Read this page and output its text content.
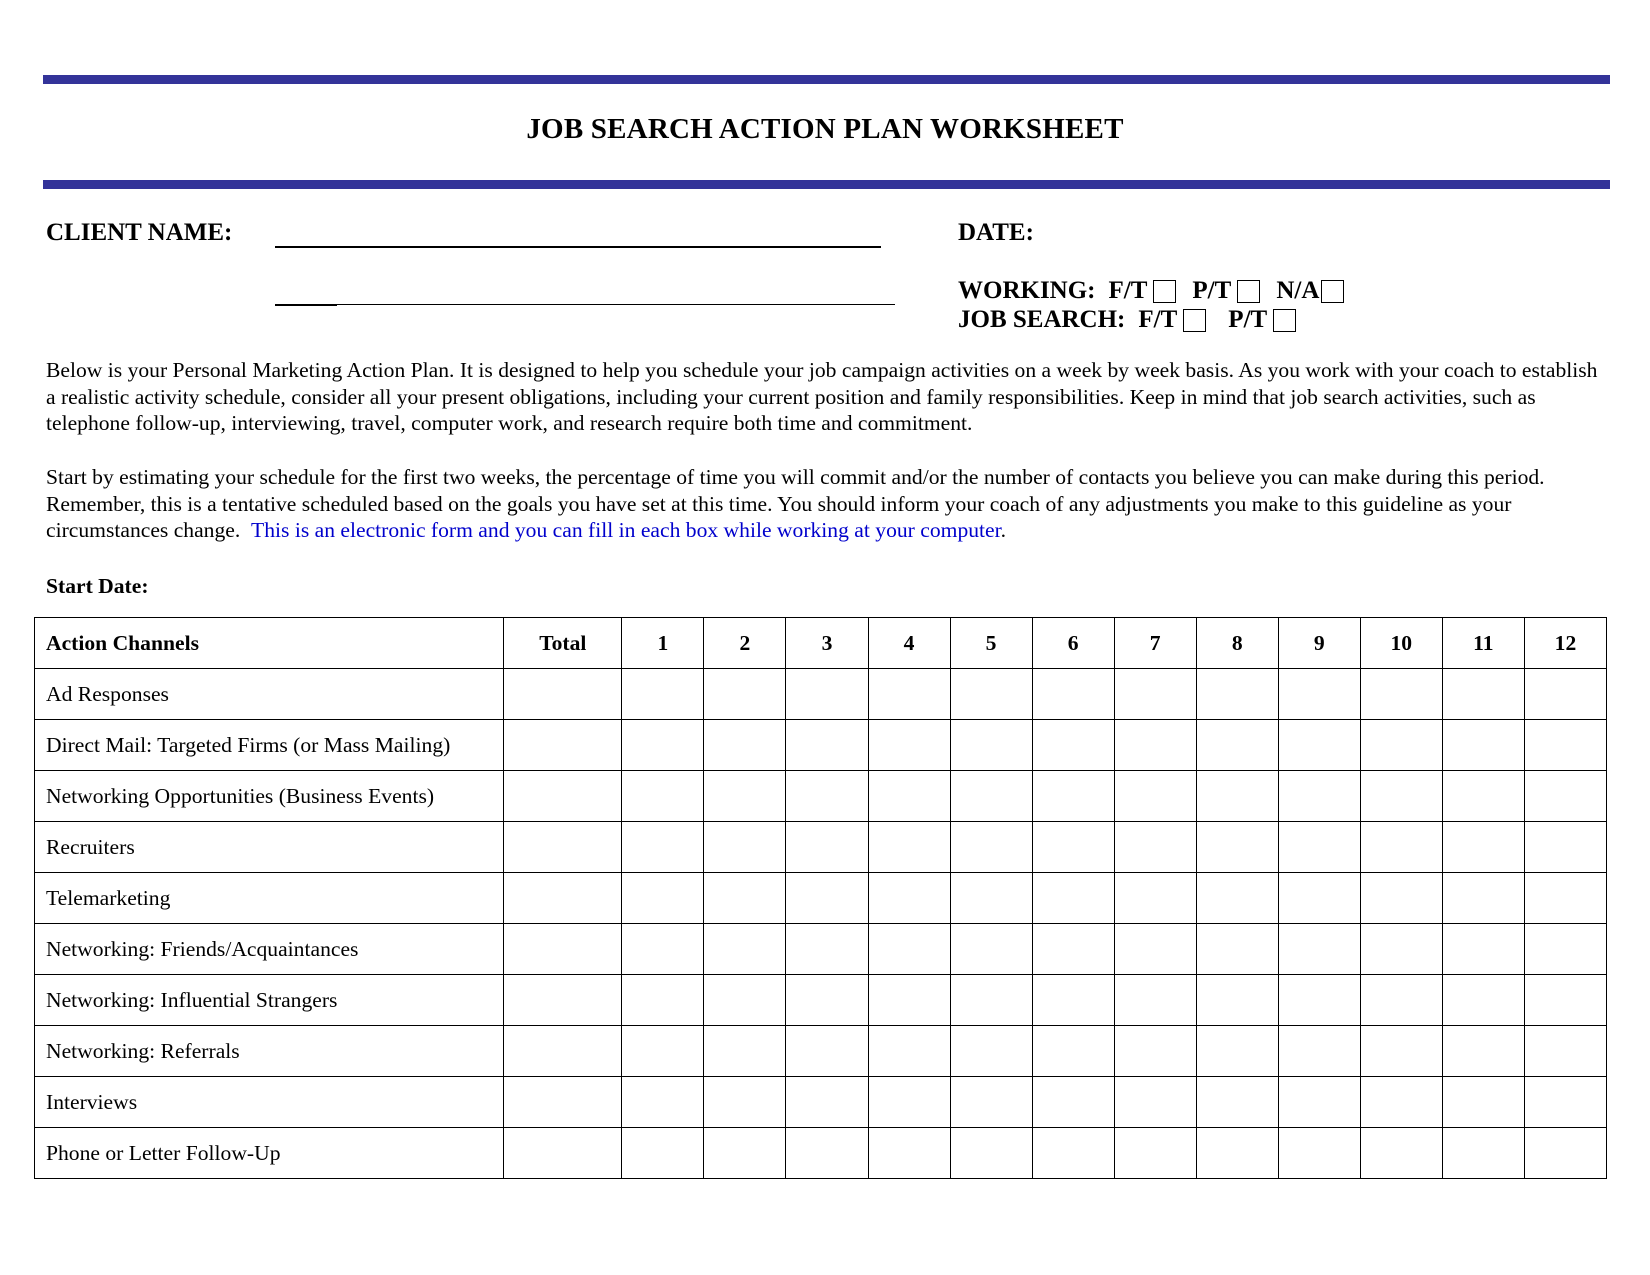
JOB SEARCH ACTION PLAN WORKSHEET
CLIENT NAME:	DATE:
WORKING: F/T P/T N/A
JOB SEARCH: F/T P/T
Below is your Personal Marketing Action Plan. It is designed to help you schedule your job campaign activities on a week by week basis. As you work with your coach to establish a realistic activity schedule, consider all your present obligations, including your current position and family responsibilities. Keep in mind that job search activities, such as telephone follow-up, interviewing, travel, computer work, and research require both time and commitment.
Start by estimating your schedule for the first two weeks, the percentage of time you will commit and/or the number of contacts you believe you can make during this period. Remember, this is a tentative scheduled based on the goals you have set at this time. You should inform your coach of any adjustments you make to this guideline as your circumstances change. This is an electronic form and you can fill in each box while working at your computer.
Start Date:
Action Channels	Total	1	2	3	4	5	6	7	8	9	10	11	12
Ad Responses													
Direct Mail: Targeted Firms (or Mass Mailing)													
Networking Opportunities (Business Events)													
Recruiters													
Telemarketing													
Networking: Friends/Acquaintances													
Networking: Influential Strangers													
Networking: Referrals													
Interviews													
Phone or Letter Follow-Up													
